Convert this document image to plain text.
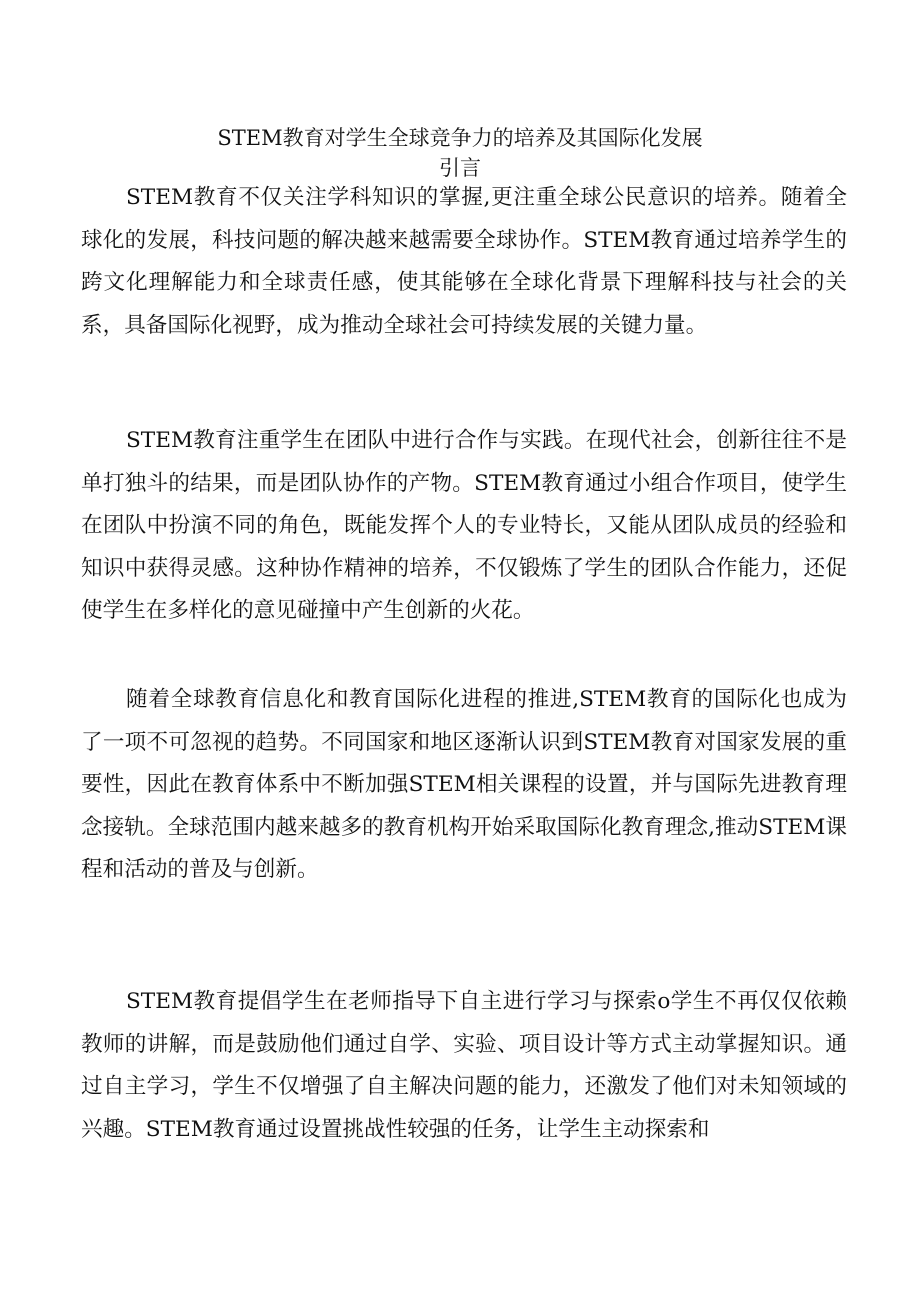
STEM教育对学生全球竞争力的培养及其国际化发展
引言

STEM教育不仅关注学科知识的掌握,更注重全球公民意识的培养。随着全球化的发展，科技问题的解决越来越需要全球协作。STEM教育通过培养学生的跨文化理解能力和全球责任感，使其能够在全球化背景下理解科技与社会的关系，具备国际化视野，成为推动全球社会可持续发展的关键力量。

STEM教育注重学生在团队中进行合作与实践。在现代社会，创新往往不是单打独斗的结果，而是团队协作的产物。STEM教育通过小组合作项目，使学生在团队中扮演不同的角色，既能发挥个人的专业特长，又能从团队成员的经验和知识中获得灵感。这种协作精神的培养，不仅锻炼了学生的团队合作能力，还促使学生在多样化的意见碰撞中产生创新的火花。

随着全球教育信息化和教育国际化进程的推进,STEM教育的国际化也成为了一项不可忽视的趋势。不同国家和地区逐渐认识到STEM教育对国家发展的重要性，因此在教育体系中不断加强STEM相关课程的设置，并与国际先进教育理念接轨。全球范围内越来越多的教育机构开始采取国际化教育理念,推动STEM课程和活动的普及与创新。

STEM教育提倡学生在老师指导下自主进行学习与探索o学生不再仅仅依赖教师的讲解，而是鼓励他们通过自学、实验、项目设计等方式主动掌握知识。通过自主学习，学生不仅增强了自主解决问题的能力，还激发了他们对未知领域的兴趣。STEM教育通过设置挑战性较强的任务，让学生主动探索和
